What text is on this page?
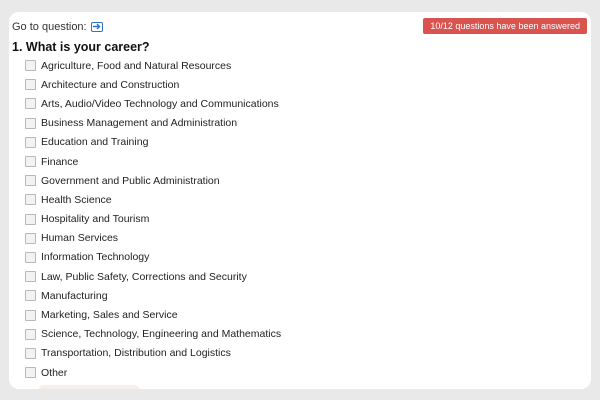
Go to question:	10/12 questions have been answered
1. What is your career?
Agriculture, Food and Natural Resources
Architecture and Construction
Arts, Audio/Video Technology and Communications
Business Management and Administration
Education and Training
Finance
Government and Public Administration
Health Science
Hospitality and Tourism
Human Services
Information Technology
Law, Public Safety, Corrections and Security
Manufacturing
Marketing, Sales and Service
Science, Technology, Engineering and Mathematics
Transportation, Distribution and Logistics
Other
